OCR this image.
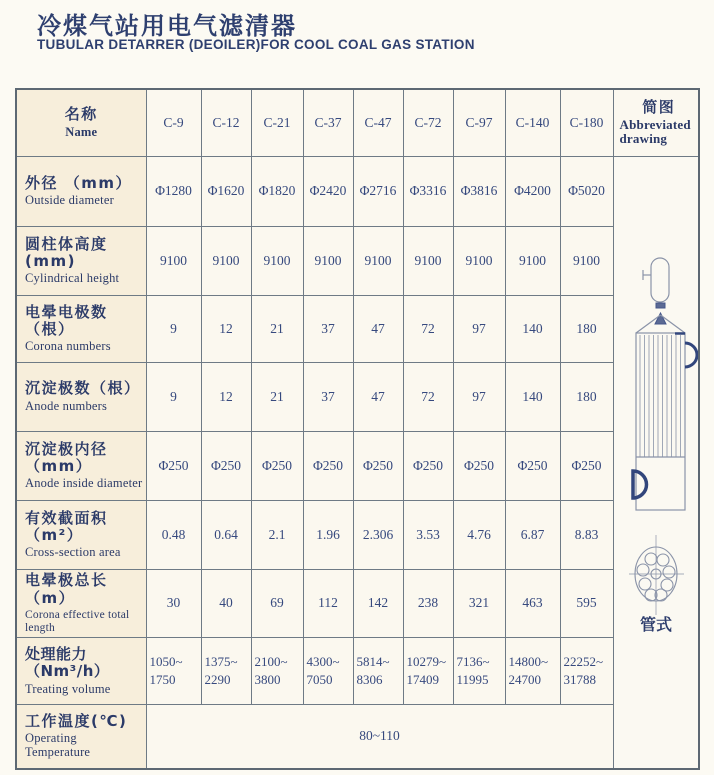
冷煤气站用电气滤清器
TUBULAR DETARRER (DEOILER)FOR COOL COAL GAS STATION
名称
Name
	C-9	C-12	C-21	C-37	C-47	C-72	C-97	C-140	C-180	
简图
Abbreviated drawing

外径 （mm）
Outside diameter	Φ1280	Φ1620	Φ1820	Φ2420	Φ2716	Φ3316	Φ3816	Φ4200	Φ5020	管式

圆柱体高度(mm)
Cylindrical height	9100	9100	9100	9100	9100	9100	9100	9100	9100	

电晕电极数（根）
Corona numbers	9	12	21	37	47	72	97	140	180	

沉淀极数（根）
Anode numbers	9	12	21	37	47	72	97	140	180	

沉淀极内径（mm）
Anode inside diameter	Φ250	Φ250	Φ250	Φ250	Φ250	Φ250	Φ250	Φ250	Φ250	

有效截面积（m²）
Cross-section area	0.48	0.64	2.1	1.96	2.306	3.53	4.76	6.87	8.83	

电晕极总长（m）
Corona effective total length	30	40	69	112	142	238	321	463	595	

处理能力（Nm³/h）
Treating volume	1050~ 1750	1375~ 2290	2100~ 3800	4300~ 7050	5814~ 8306	10279~ 17409	7136~ 11995	14800~ 24700	22252~ 31788	

工作温度(℃)
Operating Temperature	80~110									
